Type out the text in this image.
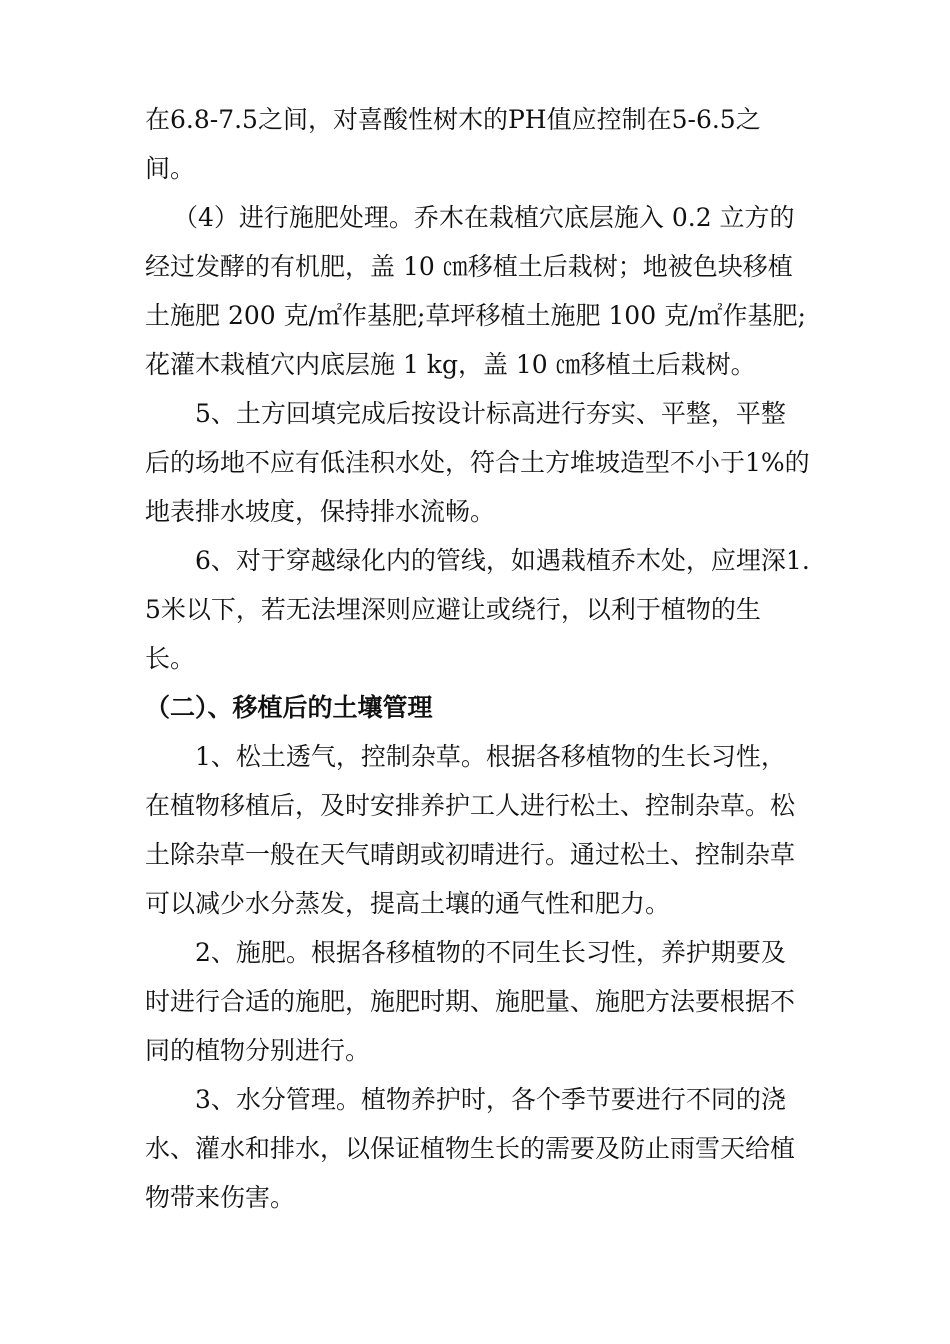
在6.8-7.5之间，对喜酸性树木的PH值应控制在5-6.5之间。

（4）进行施肥处理。乔木在栽植穴底层施入 0.2 立方的经过发酵的有机肥，盖 10 ㎝移植土后栽树；地被色块移植土施肥 200 克/㎡作基肥;草坪移植土施肥 100 克/㎡作基肥;花灌木栽植穴内底层施 1 kg，盖 10 ㎝移植土后栽树。

5、土方回填完成后按设计标高进行夯实、平整，平整后的场地不应有低洼积水处，符合土方堆坡造型不小于1%的地表排水坡度，保持排水流畅。

6、对于穿越绿化内的管线，如遇栽植乔木处，应埋深1.5米以下，若无法埋深则应避让或绕行，以利于植物的生长。

（二）、移植后的土壤管理

1、松土透气，控制杂草。根据各移植物的生长习性，在植物移植后，及时安排养护工人进行松土、控制杂草。松土除杂草一般在天气晴朗或初晴进行。通过松土、控制杂草可以减少水分蒸发，提高土壤的通气性和肥力。

2、施肥。根据各移植物的不同生长习性，养护期要及时进行合适的施肥，施肥时期、施肥量、施肥方法要根据不同的植物分别进行。

3、水分管理。植物养护时，各个季节要进行不同的浇水、灌水和排水，以保证植物生长的需要及防止雨雪天给植物带来伤害。
